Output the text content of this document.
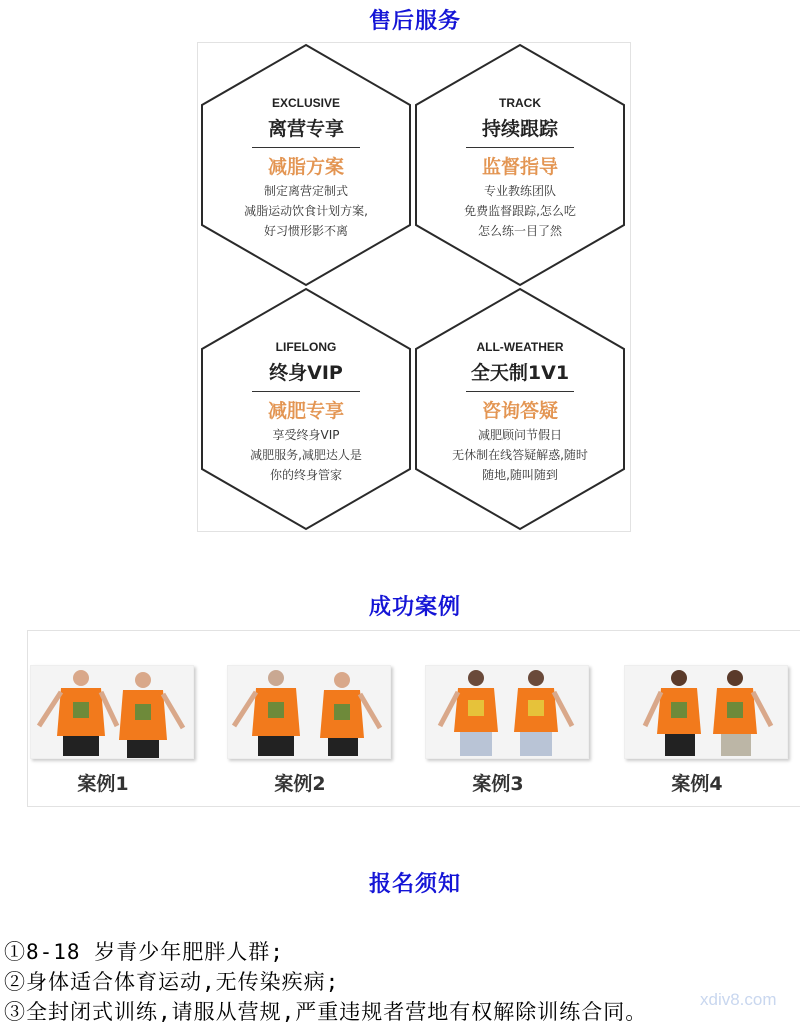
售后服务
EXCLUSIVE
离营专享
减脂方案
制定离营定制式
减脂运动饮食计划方案,
好习惯形影不离
TRACK
持续跟踪
监督指导
专业教练团队
免费监督跟踪,怎么吃
怎么练一目了然
LIFELONG
终身VIP
减肥专享
享受终身VIP
减肥服务,减肥达人是
你的终身管家
ALL-WEATHER
全天制1V1
咨询答疑
减肥顾问节假日
无休制在线答疑解惑,随时
随地,随叫随到
成功案例
案例1	案例2	案例3	案例4
报名须知
①8-18 岁青少年肥胖人群;
②身体适合体育运动,无传染疾病;
③全封闭式训练,请服从营规,严重违规者营地有权解除训练合同。
xdiv8.com
